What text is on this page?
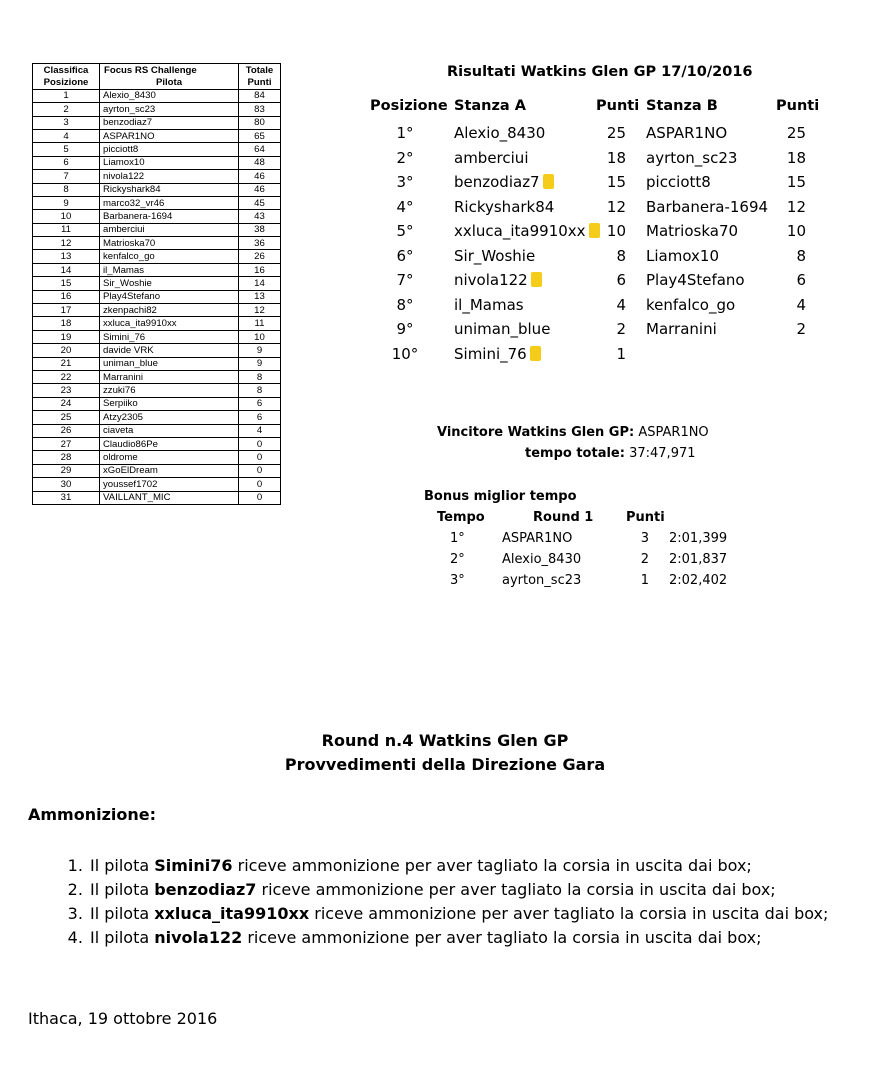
Classifica	Focus RS Challenge	Totale
Posizione	Pilota	Punti
1	Alexio_8430	84
2	ayrton_sc23	83
3	benzodiaz7	80
4	ASPAR1NO	65
5	picciott8	64
6	Liamox10	48
7	nivola122	46
8	Rickyshark84	46
9	marco32_vr46	45
10	Barbanera-1694	43
11	amberciui	38
12	Matrioska70	36
13	kenfalco_go	26
14	il_Mamas	16
15	Sir_Woshie	14
16	Play4Stefano	13
17	zkenpachi82	12
18	xxluca_ita9910xx	11
19	Simini_76	10
20	davide VRK	9
21	uniman_blue	9
22	Marranini	8
23	zzuki76	8
24	Serpiiko	6
25	Atzy2305	6
26	ciaveta	4
27	Claudio86Pe	0
28	oldrome	0
29	xGoElDream	0
30	youssef1702	0
31	VAILLANT_MIC	0
Risultati Watkins Glen GP 17/10/2016
Posizione Stanza A	Punti Stanza B	Punti
1°	Alexio_8430	25 ASPAR1NO	25
2°	amberciui	18 ayrton_sc23	18
3°	benzodiaz7	15 picciott8	15
4°	Rickyshark84	12 Barbanera-1694	12
5°	xxluca_ita9910xx	10 Matrioska70	10
6°	Sir_Woshie	8 Liamox10	8
7°	nivola122	6 Play4Stefano	6
8°	il_Mamas	4 kenfalco_go	4
9°	uniman_blue	2 Marranini	2
10°	Simini_76	1
Vincitore Watkins Glen GP: ASPAR1NO
tempo totale: 37:47,971
Bonus miglior tempo
Tempo	Round 1	Punti
1°	ASPAR1NO	3 2:01,399
2°	Alexio_8430	2 2:01,837
3°	ayrton_sc23	1 2:02,402
Round n.4 Watkins Glen GP
Provvedimenti della Direzione Gara
Ammonizione:
1. Il pilota Simini76 riceve ammonizione per aver tagliato la corsia in uscita dai box;
2. Il pilota benzodiaz7 riceve ammonizione per aver tagliato la corsia in uscita dai box;
3. Il pilota xxluca_ita9910xx riceve ammonizione per aver tagliato la corsia in uscita dai box;
4. Il pilota nivola122 riceve ammonizione per aver tagliato la corsia in uscita dai box;
Ithaca, 19 ottobre 2016
